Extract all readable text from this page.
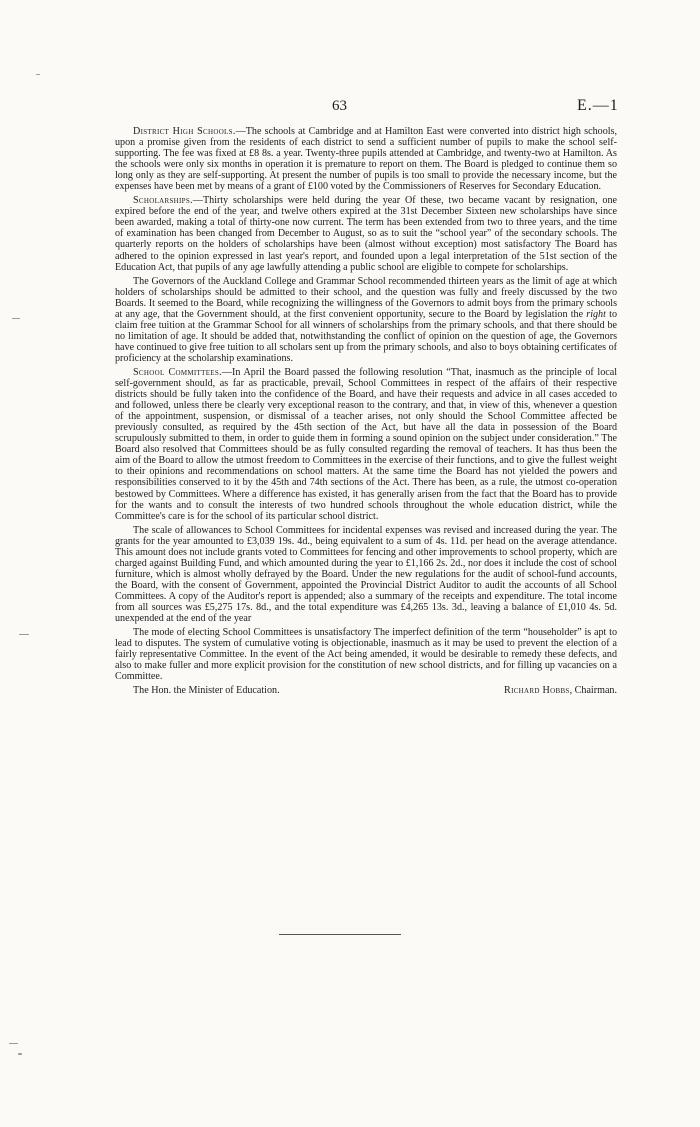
63	E.—1

District High Schools.—The schools at Cambridge and at Hamilton East were converted into district high schools, upon a promise given from the residents of each district to send a sufficient number of pupils to make the school self-supporting. The fee was fixed at £8 8s. a year. Twenty-three pupils attended at Cambridge, and twenty-two at Hamilton. As the schools were only six months in operation it is premature to report on them. The Board is pledged to continue them so long only as they are self-supporting. At present the number of pupils is too small to provide the necessary income, but the expenses have been met by means of a grant of £100 voted by the Commissioners of Reserves for Secondary Education.

Scholarships.—Thirty scholarships were held during the year Of these, two became vacant by resignation, one expired before the end of the year, and twelve others expired at the 31st December Sixteen new scholarships have since been awarded, making a total of thirty-one now current. The term has been extended from two to three years, and the time of examination has been changed from December to August, so as to suit the “school year” of the secondary schools. The quarterly reports on the holders of scholarships have been (almost without exception) most satisfactory The Board has adhered to the opinion expressed in last year's report, and founded upon a legal interpretation of the 51st section of the Education Act, that pupils of any age lawfully attending a public school are eligible to compete for scholarships.

The Governors of the Auckland College and Grammar School recommended thirteen years as the limit of age at which holders of scholarships should be admitted to their school, and the question was fully and freely discussed by the two Boards. It seemed to the Board, while recognizing the willingness of the Governors to admit boys from the primary schools at any age, that the Government should, at the first convenient opportunity, secure to the Board by legislation the right to claim free tuition at the Grammar School for all winners of scholarships from the primary schools, and that there should be no limitation of age. It should be added that, notwithstanding the conflict of opinion on the question of age, the Governors have continued to give free tuition to all scholars sent up from the primary schools, and also to boys obtaining certificates of proficiency at the scholarship examinations.

School Committees.—In April the Board passed the following resolution “That, inasmuch as the principle of local self-government should, as far as practicable, prevail, School Committees in respect of the affairs of their respective districts should be fully taken into the confidence of the Board, and have their requests and advice in all cases acceded to and followed, unless there be clearly very exceptional reason to the contrary, and that, in view of this, whenever a question of the appointment, suspension, or dismissal of a teacher arises, not only should the School Committee affected be previously consulted, as required by the 45th section of the Act, but have all the data in possession of the Board scrupulously submitted to them, in order to guide them in forming a sound opinion on the subject under consideration.” The Board also resolved that Committees should be as fully consulted regarding the removal of teachers. It has thus been the aim of the Board to allow the utmost freedom to Committees in the exercise of their functions, and to give the fullest weight to their opinions and recommendations on school matters. At the same time the Board has not yielded the powers and responsibilities conserved to it by the 45th and 74th sections of the Act. There has been, as a rule, the utmost co-operation bestowed by Committees. Where a difference has existed, it has generally arisen from the fact that the Board has to provide for the wants and to consult the interests of two hundred schools throughout the whole education district, while the Committee's care is for the school of its particular school district.

The scale of allowances to School Committees for incidental expenses was revised and increased during the year. The grants for the year amounted to £3,039 19s. 4d., being equivalent to a sum of 4s. 11d. per head on the average attendance. This amount does not include grants voted to Committees for fencing and other improvements to school property, which are charged against Building Fund, and which amounted during the year to £1,166 2s. 2d., nor does it include the cost of school furniture, which is almost wholly defrayed by the Board. Under the new regulations for the audit of school-fund accounts, the Board, with the consent of Government, appointed the Provincial District Auditor to audit the accounts of all School Committees. A copy of the Auditor's report is appended; also a summary of the receipts and expenditure. The total income from all sources was £5,275 17s. 8d., and the total expenditure was £4,265 13s. 3d., leaving a balance of £1,010 4s. 5d. unexpended at the end of the year

The mode of electing School Committees is unsatisfactory The imperfect definition of the term “householder” is apt to lead to disputes. The system of cumulative voting is objectionable, inasmuch as it may be used to prevent the election of a fairly representative Committee. In the event of the Act being amended, it would be desirable to remedy these defects, and also to make fuller and more explicit provision for the constitution of new school districts, and for filling up vacancies on a Committee.

The Hon. the Minister of Education.	Richard Hobbs, Chairman.
